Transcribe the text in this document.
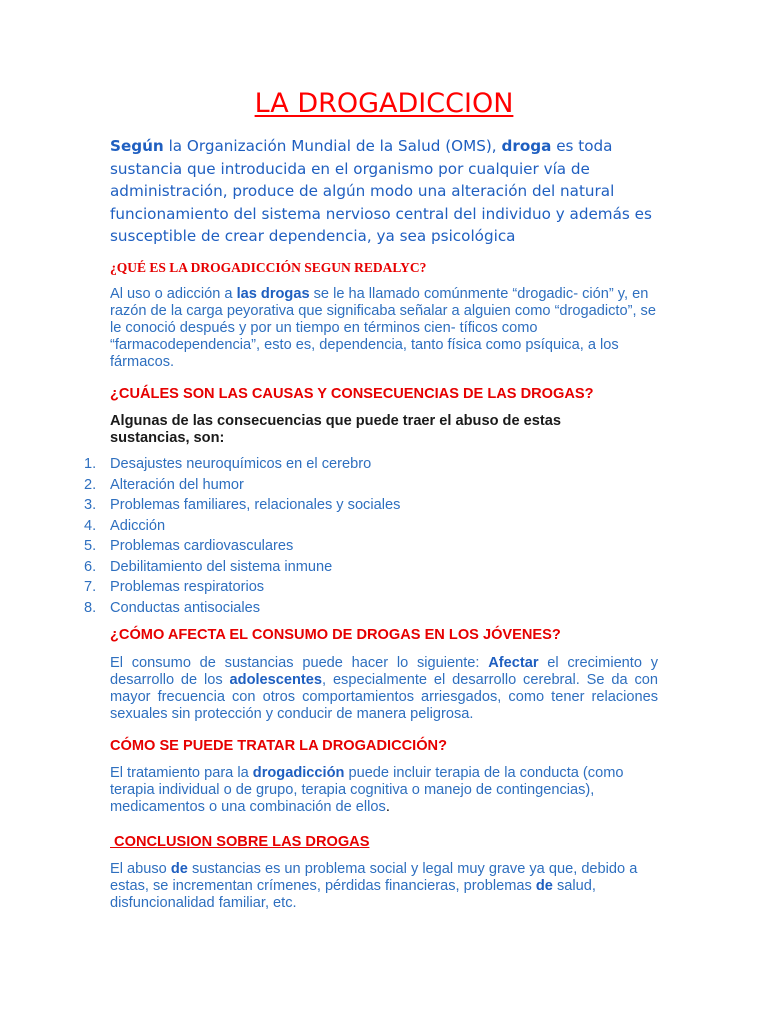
LA DROGADICCION

Según la Organización Mundial de la Salud (OMS), droga es toda sustancia que introducida en el organismo por cualquier vía de administración, produce de algún modo una alteración del natural funcionamiento del sistema nervioso central del individuo y además es susceptible de crear dependencia, ya sea psicológica

¿QUÉ ES LA DROGADICCIÓN SEGUN REDALYC?

Al uso o adicción a las drogas se le ha llamado comúnmente “drogadic- ción” y, en razón de la carga peyorativa que significaba señalar a alguien como “drogadicto”, se le conoció después y por un tiempo en términos cien- tíficos como “farmacodependencia”, esto es, dependencia, tanto física como psíquica, a los fármacos.

¿CUÁLES SON LAS CAUSAS Y CONSECUENCIAS DE LAS DROGAS?

Algunas de las consecuencias que puede traer el abuso de estas sustancias, son:

1. Desajustes neuroquímicos en el cerebro
2. Alteración del humor
3. Problemas familiares, relacionales y sociales
4. Adicción
5. Problemas cardiovasculares
6. Debilitamiento del sistema inmune
7. Problemas respiratorios
8. Conductas antisociales
¿CÓMO AFECTA EL CONSUMO DE DROGAS EN LOS JÓVENES?

El consumo de sustancias puede hacer lo siguiente: Afectar el crecimiento y desarrollo de los adolescentes, especialmente el desarrollo cerebral. Se da con mayor frecuencia con otros comportamientos arriesgados, como tener relaciones sexuales sin protección y conducir de manera peligrosa.

CÓMO SE PUEDE TRATAR LA DROGADICCIÓN?

El tratamiento para la drogadicción puede incluir terapia de la conducta (como terapia individual o de grupo, terapia cognitiva o manejo de contingencias), medicamentos o una combinación de ellos.

CONCLUSION SOBRE LAS DROGAS

El abuso de sustancias es un problema social y legal muy grave ya que, debido a estas, se incrementan crímenes, pérdidas financieras, problemas de salud, disfuncionalidad familiar, etc.
